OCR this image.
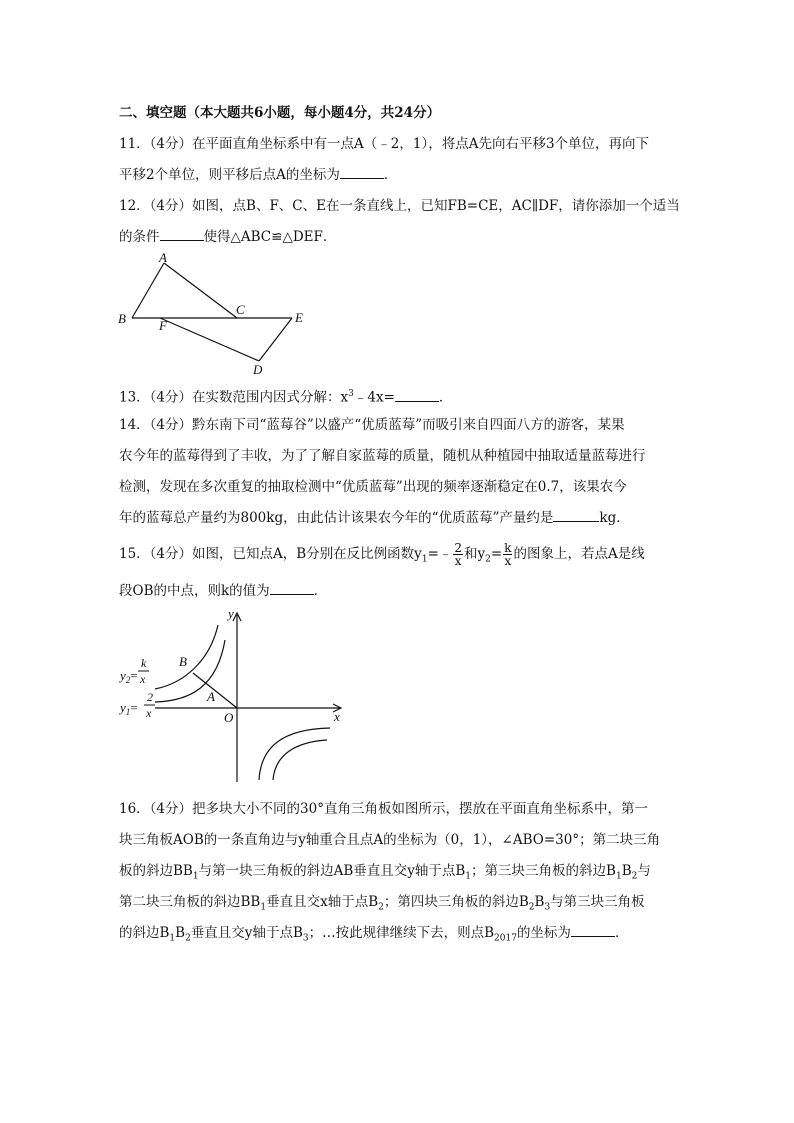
二、填空题（本大题共6小题，每小题4分，共24分）
11．（4分）在平面直角坐标系中有一点A（﹣2，1），将点A先向右平移3个单位，再向下
平移2个单位，则平移后点A的坐标为	．
12．（4分）如图，点B、F、C、E在一条直线上，已知FB=CE，AC∥DF，请你添加一个适当
的条件	使得△ABC≌△DEF．
A
B
C
F
E
D
13．（4分）在实数范围内因式分解：$x^3﹣4x=$	．
14．（4分）黔东南下司“蓝莓谷”以盛产“优质蓝莓”而吸引来自四面八方的游客，某果
农今年的蓝莓得到了丰收，为了了解自家蓝莓的质量，随机从种植园中抽取适量蓝莓进行
检测，发现在多次重复的抽取检测中“优质蓝莓”出现的频率逐渐稳定在0.7，该果农今
年的蓝莓总产量约为800kg，由此估计该果农今年的“优质蓝莓”产量约是	kg．
15．（4分）如图，已知点A，B分别在反比例函数$y_1=﹣ \frac{2}{x}$ 和$y_2= \frac{k}{x}$ 的图象上，若点A是线
段OB的中点，则k的值为	．
y
x
O
A
B
$y_2=$
k
x
$y_1=$
2
x
16．（4分）把多块大小不同的30°直角三角板如图所示，摆放在平面直角坐标系中，第一
块三角板AOB的一条直角边与y轴重合且点A的坐标为（0，1），∠ABO=30°；第二块三角
板的斜边$BB_1$与第一块三角板的斜边AB垂直且交y轴于点$B_1$；第三块三角板的斜边$B_1B_2$与
第二块三角板的斜边$BB_1$垂直且交x轴于点$B_2$；第四块三角板的斜边$B_2B_3$与第三块三角板
的斜边$B_1B_2$垂直且交y轴于点$B_3$；…按此规律继续下去，则点$B_{2017}$的坐标为	．
